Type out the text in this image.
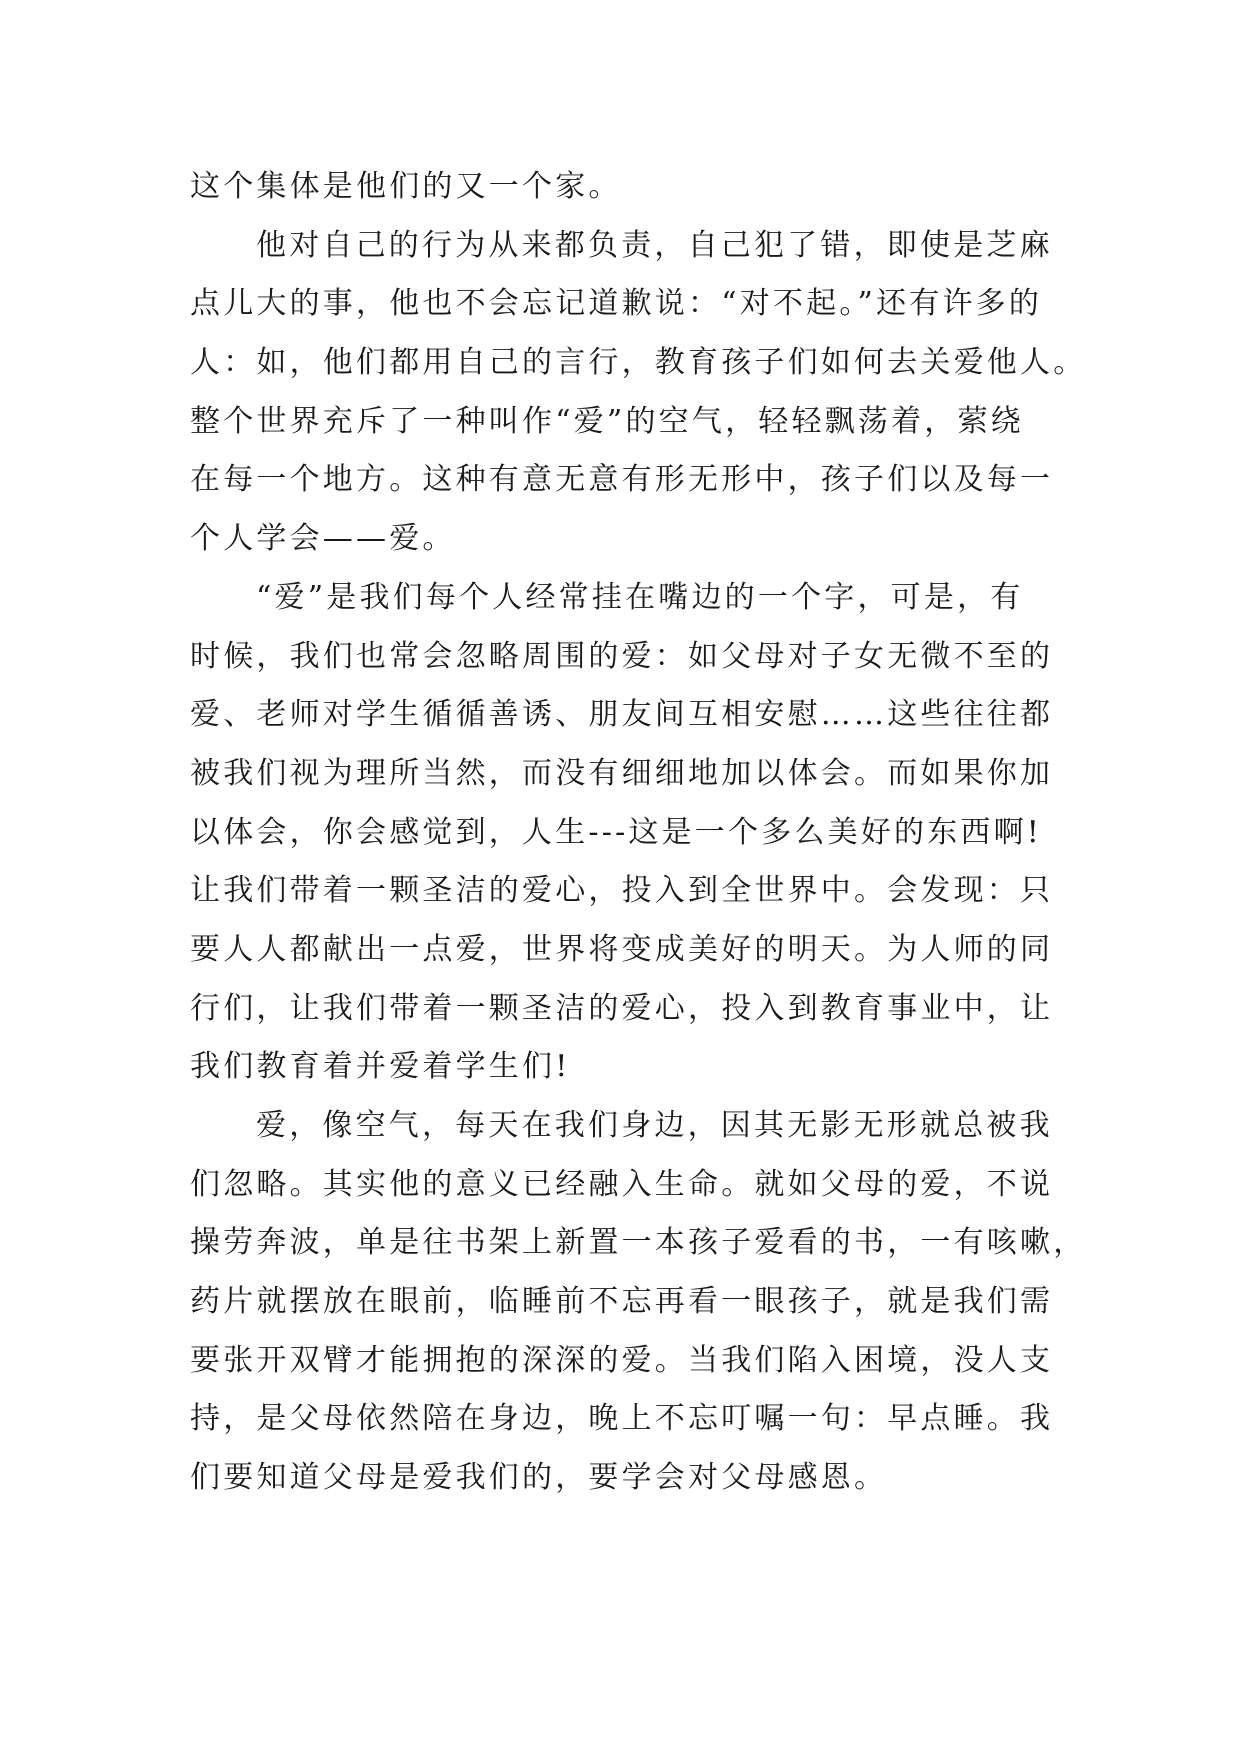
这个集体是他们的又一个家。
他对自己的行为从来都负责，自己犯了错，即使是芝麻
点儿大的事，他也不会忘记道歉说：“对不起。”还有许多的
人：如，他们都用自己的言行，教育孩子们如何去关爱他人。
整个世界充斥了一种叫作“爱”的空气，轻轻飘荡着，萦绕
在每一个地方。这种有意无意有形无形中，孩子们以及每一
个人学会——爱。
“爱”是我们每个人经常挂在嘴边的一个字，可是，有
时候，我们也常会忽略周围的爱：如父母对子女无微不至的
爱、老师对学生循循善诱、朋友间互相安慰……这些往往都
被我们视为理所当然，而没有细细地加以体会。而如果你加
以体会，你会感觉到，人生---这是一个多么美好的东西啊!
让我们带着一颗圣洁的爱心，投入到全世界中。会发现：只
要人人都献出一点爱，世界将变成美好的明天。为人师的同
行们，让我们带着一颗圣洁的爱心，投入到教育事业中，让
我们教育着并爱着学生们!
爱，像空气，每天在我们身边，因其无影无形就总被我
们忽略。其实他的意义已经融入生命。就如父母的爱，不说
操劳奔波，单是往书架上新置一本孩子爱看的书，一有咳嗽，
药片就摆放在眼前，临睡前不忘再看一眼孩子，就是我们需
要张开双臂才能拥抱的深深的爱。当我们陷入困境，没人支
持，是父母依然陪在身边，晚上不忘叮嘱一句：早点睡。我
们要知道父母是爱我们的，要学会对父母感恩。
